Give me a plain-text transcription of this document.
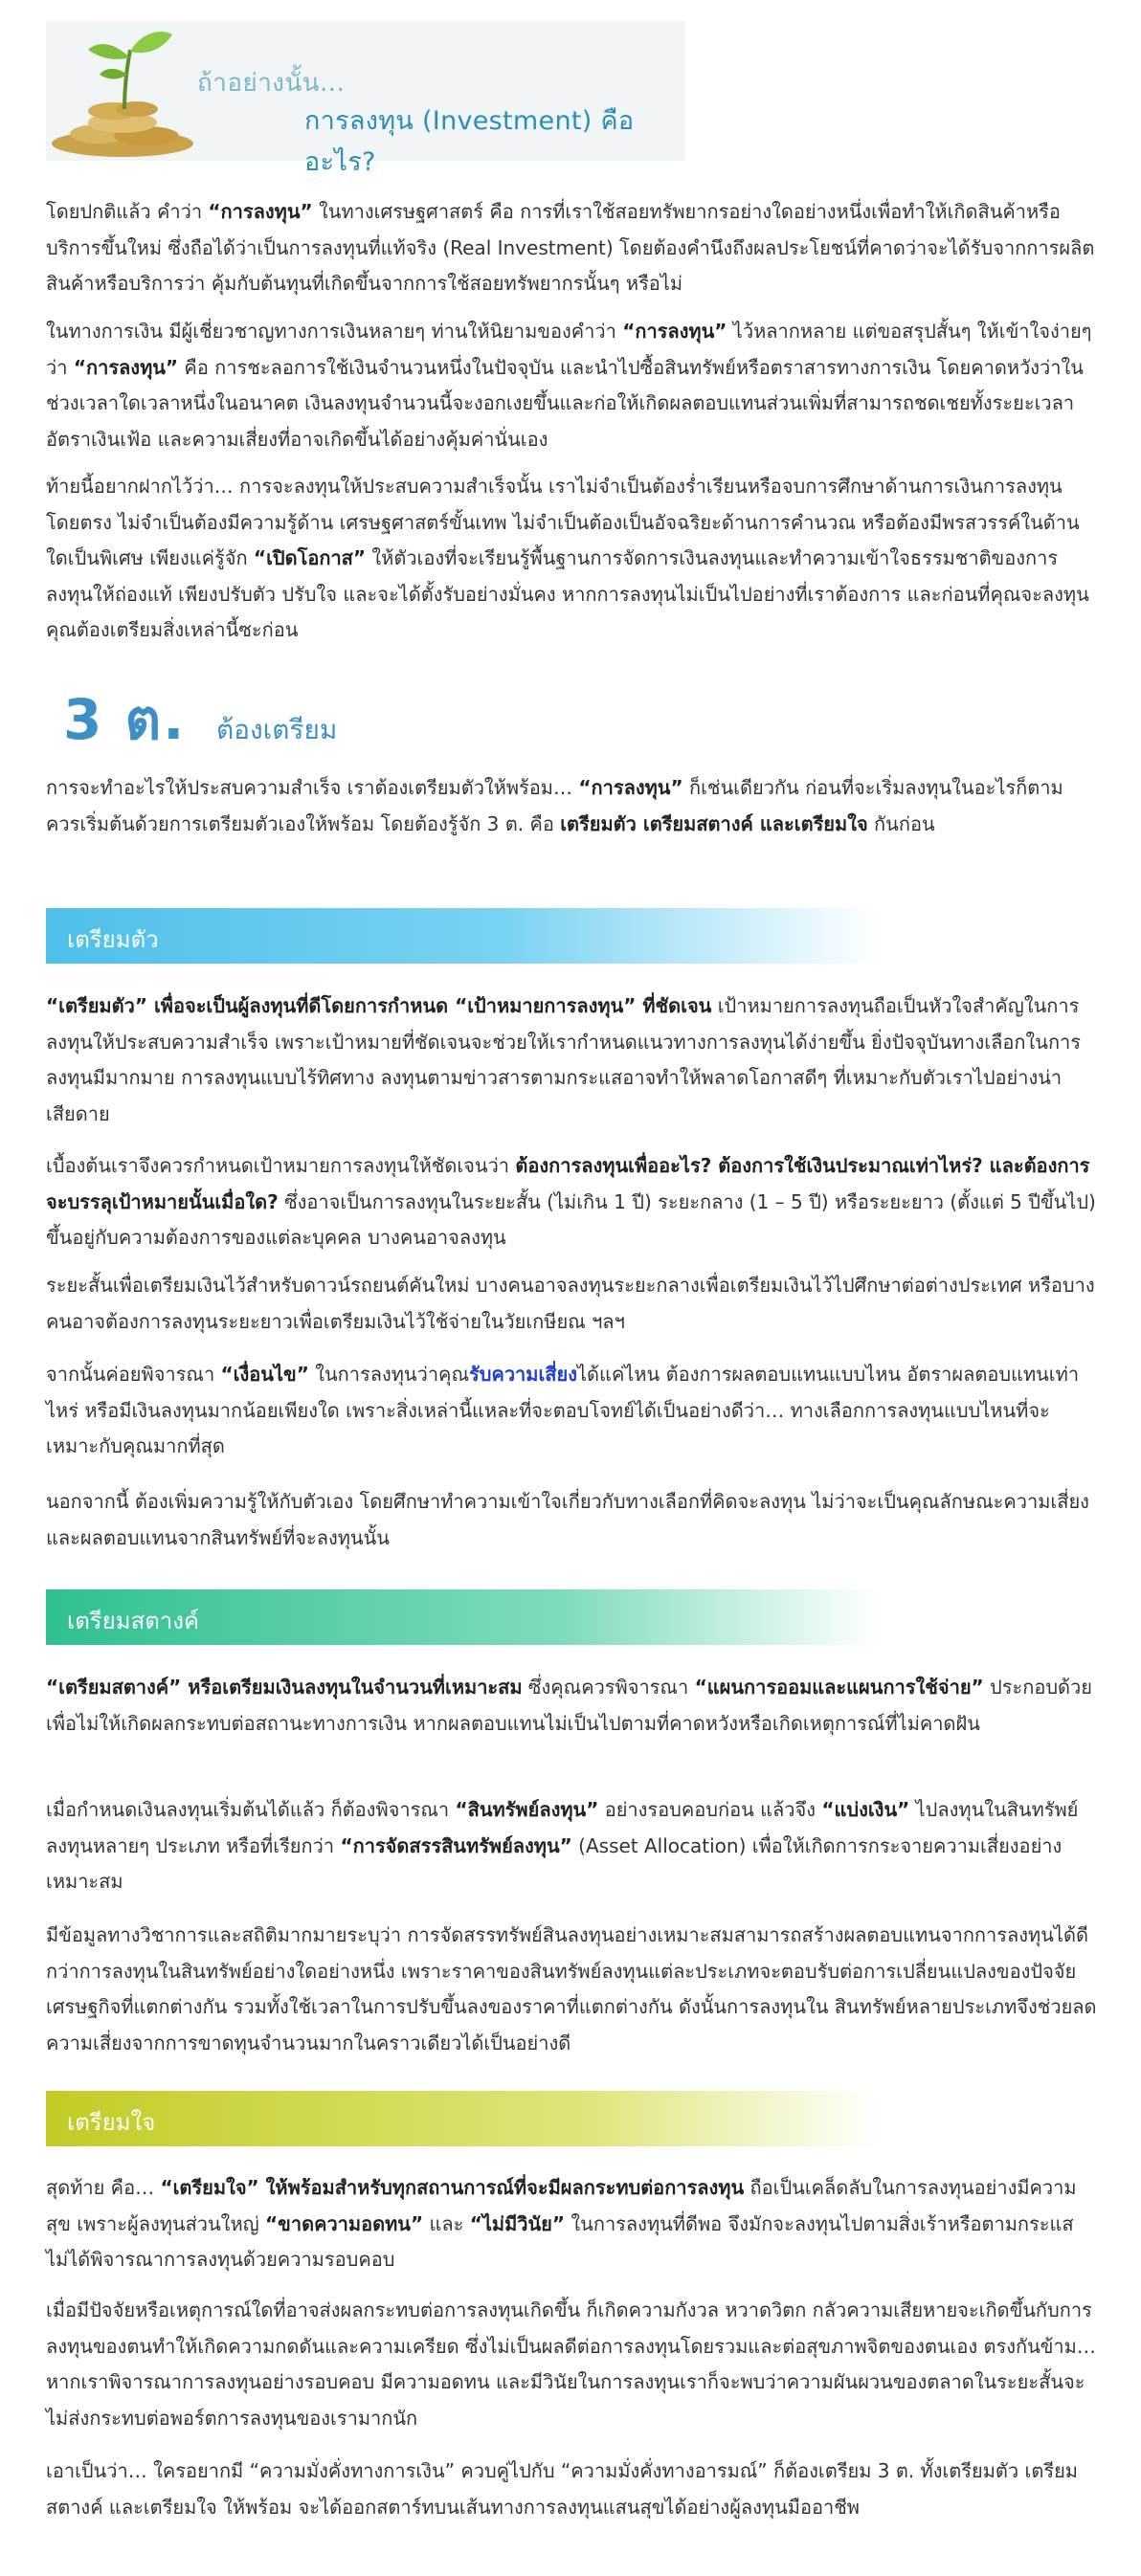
ถ้าอย่างนั้น...
การลงทุน (Investment) คืออะไร?

โดยปกติแล้ว คำว่า “การลงทุน” ในทางเศรษฐศาสตร์ คือ การที่เราใช้สอยทรัพยากรอย่างใดอย่างหนึ่งเพื่อทำให้เกิดสินค้าหรือบริการขึ้นใหม่ ซึ่งถือได้ว่าเป็นการลงทุนที่แท้จริง (Real Investment) โดยต้องคำนึงถึงผลประโยชน์ที่คาดว่าจะได้รับจากการผลิตสินค้าหรือบริการว่า คุ้มกับต้นทุนที่เกิดขึ้นจากการใช้สอยทรัพยากรนั้นๆ หรือไม่

ในทางการเงิน มีผู้เชี่ยวชาญทางการเงินหลายๆ ท่านให้นิยามของคำว่า “การลงทุน” ไว้หลากหลาย แต่ขอสรุปสั้นๆ ให้เข้าใจง่ายๆ ว่า “การลงทุน” คือ การชะลอการใช้เงินจำนวนหนึ่งในปัจจุบัน และนำไปซื้อสินทรัพย์หรือตราสารทางการเงิน โดยคาดหวังว่าในช่วงเวลาใดเวลาหนึ่งในอนาคต เงินลงทุนจำนวนนี้จะงอกเงยขึ้นและก่อให้เกิดผลตอบแทนส่วนเพิ่มที่สามารถชดเชยทั้งระยะเวลา อัตราเงินเฟ้อ และความเสี่ยงที่อาจเกิดขึ้นได้อย่างคุ้มค่านั่นเอง

ท้ายนี้อยากฝากไว้ว่า… การจะลงทุนให้ประสบความสำเร็จนั้น เราไม่จำเป็นต้องร่ำเรียนหรือจบการศึกษาด้านการเงินการลงทุนโดยตรง ไม่จำเป็นต้องมีความรู้ด้าน เศรษฐศาสตร์ขั้นเทพ ไม่จำเป็นต้องเป็นอัจฉริยะด้านการคำนวณ หรือต้องมีพรสวรรค์ในด้านใดเป็นพิเศษ เพียงแค่รู้จัก “เปิดโอกาส” ให้ตัวเองที่จะเรียนรู้พื้นฐานการจัดการเงินลงทุนและทำความเข้าใจธรรมชาติของการลงทุนให้ถ่องแท้ เพียงปรับตัว ปรับใจ และจะได้ตั้งรับอย่างมั่นคง หากการลงทุนไม่เป็นไปอย่างที่เราต้องการ และก่อนที่คุณจะลงทุนคุณต้องเตรียมสิ่งเหล่านี้ซะก่อน

3 ต. ต้องเตรียม

การจะทำอะไรให้ประสบความสำเร็จ เราต้องเตรียมตัวให้พร้อม… “การลงทุน” ก็เช่นเดียวกัน ก่อนที่จะเริ่มลงทุนในอะไรก็ตาม ควรเริ่มต้นด้วยการเตรียมตัวเองให้พร้อม โดยต้องรู้จัก 3 ต. คือ เตรียมตัว เตรียมสตางค์ และเตรียมใจ กันก่อน

เตรียมตัว

“เตรียมตัว” เพื่อจะเป็นผู้ลงทุนที่ดีโดยการกำหนด “เป้าหมายการลงทุน” ที่ชัดเจน เป้าหมายการลงทุนถือเป็นหัวใจสำคัญในการลงทุนให้ประสบความสำเร็จ เพราะเป้าหมายที่ชัดเจนจะช่วยให้เรากำหนดแนวทางการลงทุนได้ง่ายขึ้น ยิ่งปัจจุบันทางเลือกในการลงทุนมีมากมาย การลงทุนแบบไร้ทิศทาง ลงทุนตามข่าวสารตามกระแสอาจทำให้พลาดโอกาสดีๆ ที่เหมาะกับตัวเราไปอย่างน่าเสียดาย

เบื้องต้นเราจึงควรกำหนดเป้าหมายการลงทุนให้ชัดเจนว่า ต้องการลงทุนเพื่ออะไร? ต้องการใช้เงินประมาณเท่าไหร่? และต้องการจะบรรลุเป้าหมายนั้นเมื่อใด? ซึ่งอาจเป็นการลงทุนในระยะสั้น (ไม่เกิน 1 ปี) ระยะกลาง (1 – 5 ปี) หรือระยะยาว (ตั้งแต่ 5 ปีขึ้นไป) ขึ้นอยู่กับความต้องการของแต่ละบุคคล บางคนอาจลงทุน

ระยะสั้นเพื่อเตรียมเงินไว้สำหรับดาวน์รถยนต์คันใหม่ บางคนอาจลงทุนระยะกลางเพื่อเตรียมเงินไว้ไปศึกษาต่อต่างประเทศ หรือบางคนอาจต้องการลงทุนระยะยาวเพื่อเตรียมเงินไว้ใช้จ่ายในวัยเกษียณ ฯลฯ

จากนั้นค่อยพิจารณา “เงื่อนไข” ในการลงทุนว่าคุณรับความเสี่ยงได้แค่ไหน ต้องการผลตอบแทนแบบไหน อัตราผลตอบแทนเท่าไหร่ หรือมีเงินลงทุนมากน้อยเพียงใด เพราะสิ่งเหล่านี้แหละที่จะตอบโจทย์ได้เป็นอย่างดีว่า… ทางเลือกการลงทุนแบบไหนที่จะเหมาะกับคุณมากที่สุด

นอกจากนี้ ต้องเพิ่มความรู้ให้กับตัวเอง โดยศึกษาทำความเข้าใจเกี่ยวกับทางเลือกที่คิดจะลงทุน ไม่ว่าจะเป็นคุณลักษณะความเสี่ยง และผลตอบแทนจากสินทรัพย์ที่จะลงทุนนั้น

เตรียมสตางค์

“เตรียมสตางค์” หรือเตรียมเงินลงทุนในจำนวนที่เหมาะสม ซึ่งคุณควรพิจารณา “แผนการออมและแผนการใช้จ่าย” ประกอบด้วย เพื่อไม่ให้เกิดผลกระทบต่อสถานะทางการเงิน หากผลตอบแทนไม่เป็นไปตามที่คาดหวังหรือเกิดเหตุการณ์ที่ไม่คาดฝัน

เมื่อกำหนดเงินลงทุนเริ่มต้นได้แล้ว ก็ต้องพิจารณา “สินทรัพย์ลงทุน” อย่างรอบคอบก่อน แล้วจึง “แบ่งเงิน” ไปลงทุนในสินทรัพย์ลงทุนหลายๆ ประเภท หรือที่เรียกว่า “การจัดสรรสินทรัพย์ลงทุน” (Asset Allocation) เพื่อให้เกิดการกระจายความเสี่ยงอย่างเหมาะสม

มีข้อมูลทางวิชาการและสถิติมากมายระบุว่า การจัดสรรทรัพย์สินลงทุนอย่างเหมาะสมสามารถสร้างผลตอบแทนจากการลงทุนได้ดีกว่าการลงทุนในสินทรัพย์อย่างใดอย่างหนึ่ง เพราะราคาของสินทรัพย์ลงทุนแต่ละประเภทจะตอบรับต่อการเปลี่ยนแปลงของปัจจัยเศรษฐกิจที่แตกต่างกัน รวมทั้งใช้เวลาในการปรับขึ้นลงของราคาที่แตกต่างกัน ดังนั้นการลงทุนใน สินทรัพย์หลายประเภทจึงช่วยลดความเสี่ยงจากการขาดทุนจำนวนมากในคราวเดียวได้เป็นอย่างดี

เตรียมใจ

สุดท้าย คือ… “เตรียมใจ” ให้พร้อมสำหรับทุกสถานการณ์ที่จะมีผลกระทบต่อการลงทุน ถือเป็นเคล็ดลับในการลงทุนอย่างมีความสุข เพราะผู้ลงทุนส่วนใหญ่ “ขาดความอดทน” และ “ไม่มีวินัย” ในการลงทุนที่ดีพอ จึงมักจะลงทุนไปตามสิ่งเร้าหรือตามกระแส ไม่ได้พิจารณาการลงทุนด้วยความรอบคอบ

เมื่อมีปัจจัยหรือเหตุการณ์ใดที่อาจส่งผลกระทบต่อการลงทุนเกิดขึ้น ก็เกิดความกังวล หวาดวิตก กลัวความเสียหายจะเกิดขึ้นกับการลงทุนของตนทำให้เกิดความกดดันและความเครียด ซึ่งไม่เป็นผลดีต่อการลงทุนโดยรวมและต่อสุขภาพจิตของตนเอง ตรงกันข้าม… หากเราพิจารณาการลงทุนอย่างรอบคอบ มีความอดทน และมีวินัยในการลงทุนเราก็จะพบว่าความผันผวนของตลาดในระยะสั้นจะไม่ส่งกระทบต่อพอร์ตการลงทุนของเรามากนัก

เอาเป็นว่า… ใครอยากมี “ความมั่งคั่งทางการเงิน” ควบคู่ไปกับ “ความมั่งคั่งทางอารมณ์” ก็ต้องเตรียม 3 ต. ทั้งเตรียมตัว เตรียมสตางค์ และเตรียมใจ ให้พร้อม จะได้ออกสตาร์ทบนเส้นทางการลงทุนแสนสุขได้อย่างผู้ลงทุนมืออาชีพ
